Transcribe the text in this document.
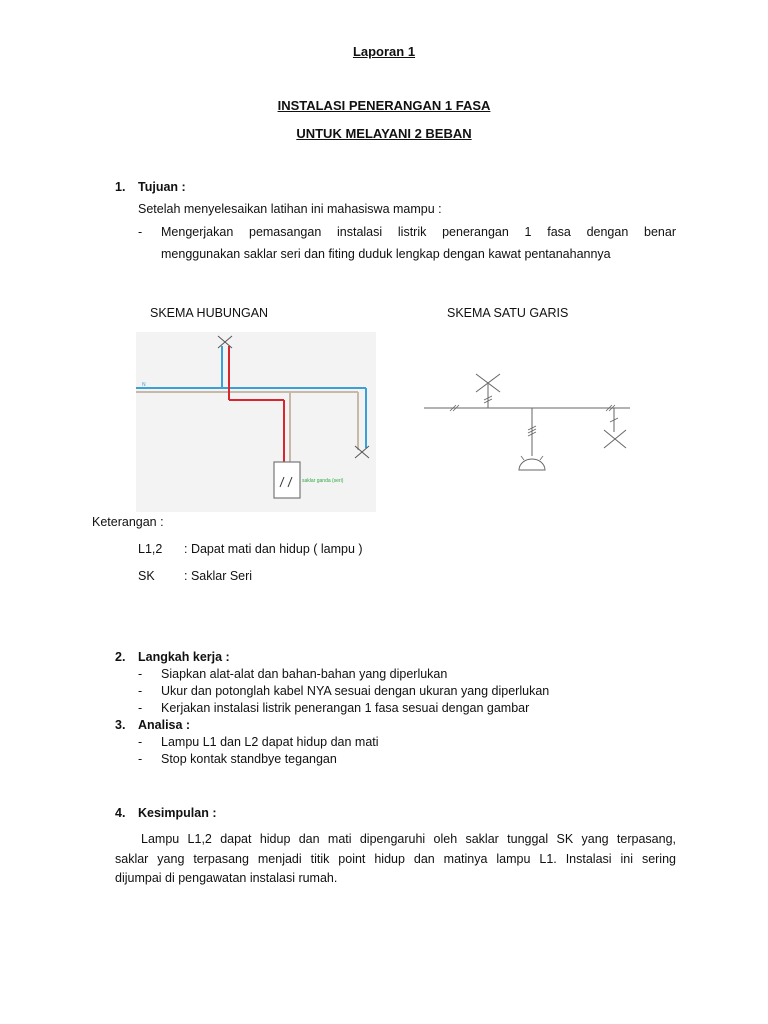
Laporan 1
INSTALASI PENERANGAN 1 FASA
UNTUK MELAYANI 2 BEBAN
1. Tujuan :
Setelah menyelesaikan latihan ini mahasiswa mampu :
- Mengerjakan pemasangan instalasi listrik penerangan 1 fasa dengan benar
menggunakan saklar seri dan fiting duduk lengkap dengan kawat pentanahannya
SKEMA HUBUNGAN	SKEMA SATU GARIS
N
saklar ganda (seri)
Keterangan :
L1,2 : Dapat mati dan hidup ( lampu )
SK : Saklar Seri
2. Langkah kerja :
- Siapkan alat-alat dan bahan-bahan yang diperlukan
- Ukur dan potonglah kabel NYA sesuai dengan ukuran yang diperlukan
- Kerjakan instalasi listrik penerangan 1 fasa sesuai dengan gambar
3. Analisa :
- Lampu L1 dan L2 dapat hidup dan mati
- Stop kontak standbye tegangan
4. Kesimpulan :
Lampu L1,2 dapat hidup dan mati dipengaruhi oleh saklar tunggal SK yang terpasang,
saklar yang terpasang menjadi titik point hidup dan matinya lampu L1. Instalasi ini sering
dijumpai di pengawatan instalasi rumah.
